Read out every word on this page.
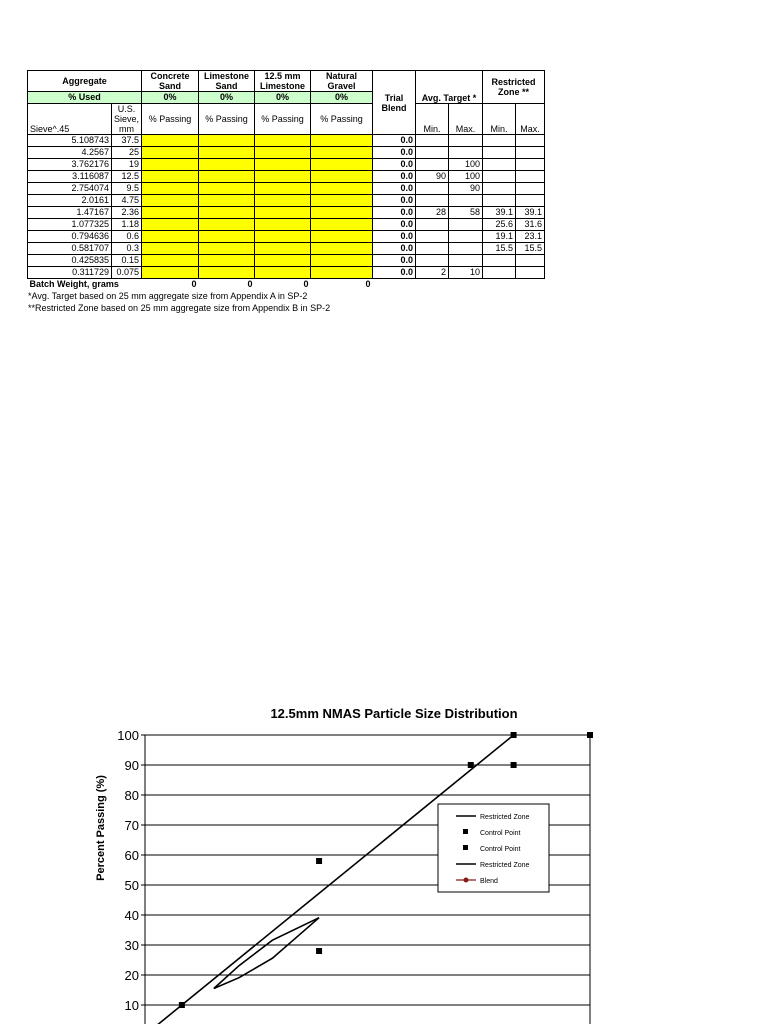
Aggregate		Concrete Sand	Limestone Sand	12.5 mm Limestone	Natural Gravel	Trial Blend	Avg. Target *		Restricted Zone **	
% Used		0%	0%	0%	0%					
Sieve^.45	U.S. Sieve, mm	% Passing	% Passing	% Passing	% Passing		Min.	Max.	Min.	Max.
5.108743	37.5					0.0				
4.2567	25					0.0				
3.762176	19					0.0		100		
3.116087	12.5					0.0	90	100		
2.754074	9.5					0.0		90		
2.0161	4.75					0.0				
1.47167	2.36					0.0	28	58	39.1	39.1
1.077325	1.18					0.0			25.6	31.6
0.794636	0.6					0.0			19.1	23.1
0.581707	0.3					0.0			15.5	15.5
0.425835	0.15					0.0				
0.311729	0.075					0.0	2	10		
Batch Weight, grams		0	0	0	0					
*Avg. Target based on 25 mm aggregate size from Appendix A in SP-2
**Restricted Zone based on 25 mm aggregate size from Appendix B in SP-2
12.5mm NMAS Particle Size Distribution
Percent Passing (%)
10
20
30
40
50
60
70
80
90
100
Restricted Zone
Control Point
Control Point
Restricted Zone
Blend
